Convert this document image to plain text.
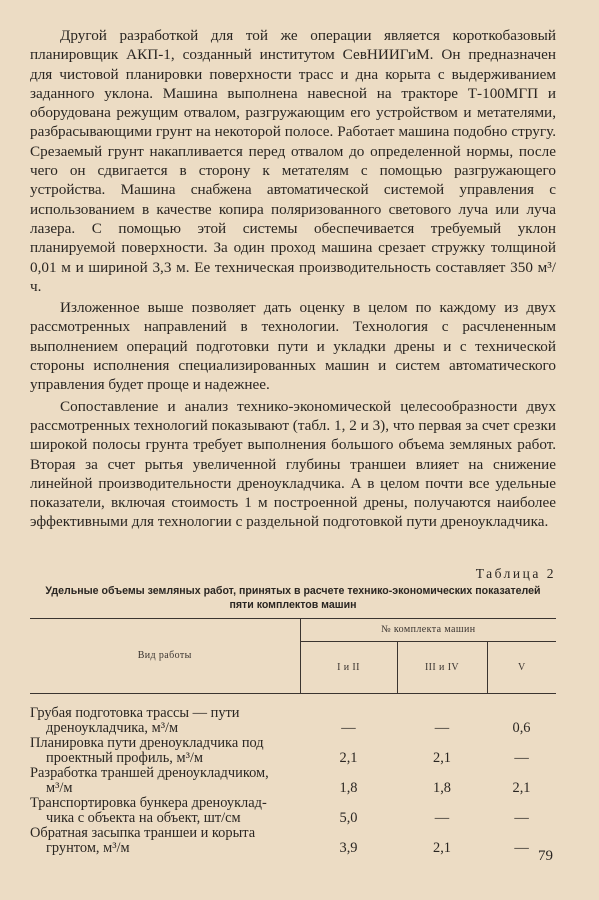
Другой разработкой для той же операции является короткобазовый планировщик АКП-1, созданный институтом СевНИИГиМ. Он предназначен для чистовой планировки поверхности трасс и дна корыта с выдерживанием заданного уклона. Машина выполнена навесной на тракторе Т-100МГП и оборудована режущим отвалом, разгружающим его устройством и метателями, разбрасывающими грунт на некоторой полосе. Работает машина подобно стругу. Срезаемый грунт накапливается перед отвалом до определенной нормы, после чего он сдвигается в сторону к метателям с помощью разгружающего устройства. Машина снабжена автоматической системой управления с использованием в качестве копира поляризованного светового луча или луча лазера. С помощью этой системы обеспечивается требуемый уклон планируемой поверхности. За один проход машина срезает стружку толщиной 0,01 м и шириной 3,3 м. Ее техническая производительность составляет 350 м³/ч.

Изложенное выше позволяет дать оценку в целом по каждому из двух рассмотренных направлений в технологии. Технология с расчлененным выполнением операций подготовки пути и укладки дрены и с технической стороны исполнения специализированных машин и систем автоматического управления будет проще и надежнее.

Сопоставление и анализ технико-экономической целесообразности двух рассмотренных технологий показывают (табл. 1, 2 и 3), что первая за счет срезки широкой полосы грунта требует выполнения большого объема земляных работ. Вторая за счет рытья увеличенной глубины траншеи влияет на снижение линейной производительности дреноукладчика. А в целом почти все удельные показатели, включая стоимость 1 м построенной дрены, получаются наиболее эффективными для технологии с раздельной подготовкой пути дреноукладчика.

Таблица 2
Удельные объемы земляных работ, принятых в расчете технико-экономических показателей пяти комплектов машин
Вид работы	№ комплекта машин		
	I и II	III и IV	V

Грубая подготовка трассы — пути
дреноукладчика, м³/м	—	—	0,6
Планировка пути дреноукладчика под
проектный профиль, м³/м	2,1	2,1	—
Разработка траншей дреноукладчиком,
м³/м	1,8	1,8	2,1
Транспортировка бункера дреноуклад-
чика с объекта на объект, шт/см	5,0	—	—
Обратная засыпка траншеи и корыта
грунтом, м³/м	3,9	2,1	—
79
